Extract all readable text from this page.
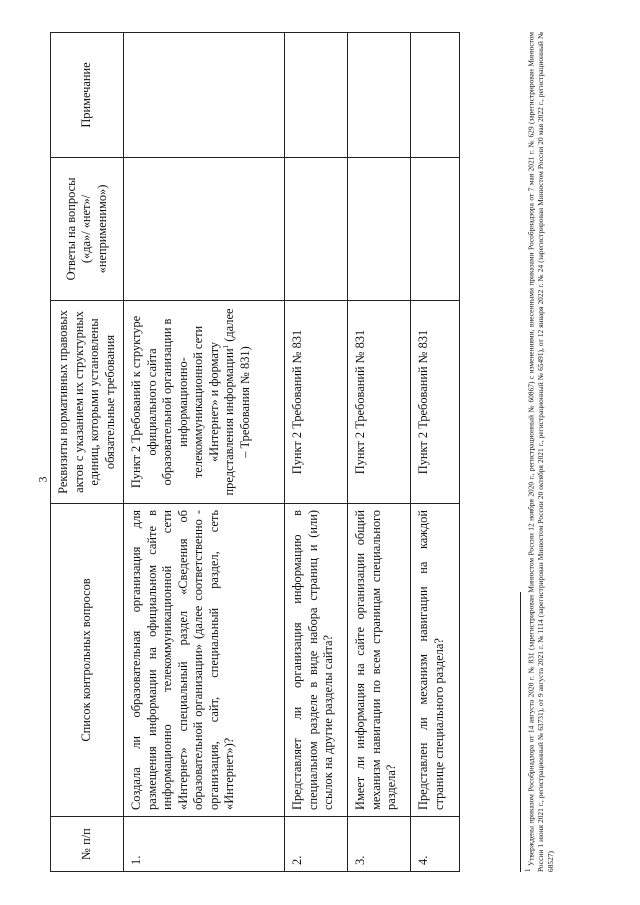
3
№ п/п	Список контрольных вопросов	Реквизиты нормативных правовых актов с указанием их структурных единиц, которыми установлены обязательные требования	Ответы на вопросы («да»/ «нет»/ «неприменимо»)	Примечание
1.	Создала ли образовательная организация для размещения информации на официальном сайте в информационно телекоммуникационной сети «Интернет» специальный раздел «Сведения об образовательной организации» (далее соответственно - организация, сайт, специальный раздел, сеть «Интернет»)?	Пункт 2 Требований к структуре официального сайта образовательной организации в информационно-телекоммуникационной сети «Интернет» и формату представления информации$^1$ (далее – Требования № 831)		
2.	Представляет ли организация информацию в специальном разделе в виде набора страниц и (или) ссылок на другие разделы сайта?	Пункт 2 Требований № 831		
3.	Имеет ли информация на сайте организации общий механизм навигации по всем страницам специального раздела?	Пункт 2 Требований № 831		
4.	Представлен ли механизм навигации на каждой странице специального раздела?	Пункт 2 Требований № 831		
$^1$ Утверждены приказом Рособрнадзора от 14 августа 2020 г. № 831 (зарегистрирован Минюстом России 12 ноября 2020 г., регистрационный № 60867) с изменениями, внесенными приказами Рособрнадзора от 7 мая 2021 г. № 629 (зарегистрирован Минюстом России 1 июня 2021 г., регистрационный № 63731), от 9 августа 2021 г. № 1114 (зарегистрирован Минюстом России 20 октября 2021 г., регистрационный № 65491), от 12 января 2022 г. № 24 (зарегистрирован Минюстом России 20 мая 2022 г., регистрационный № 68527)
